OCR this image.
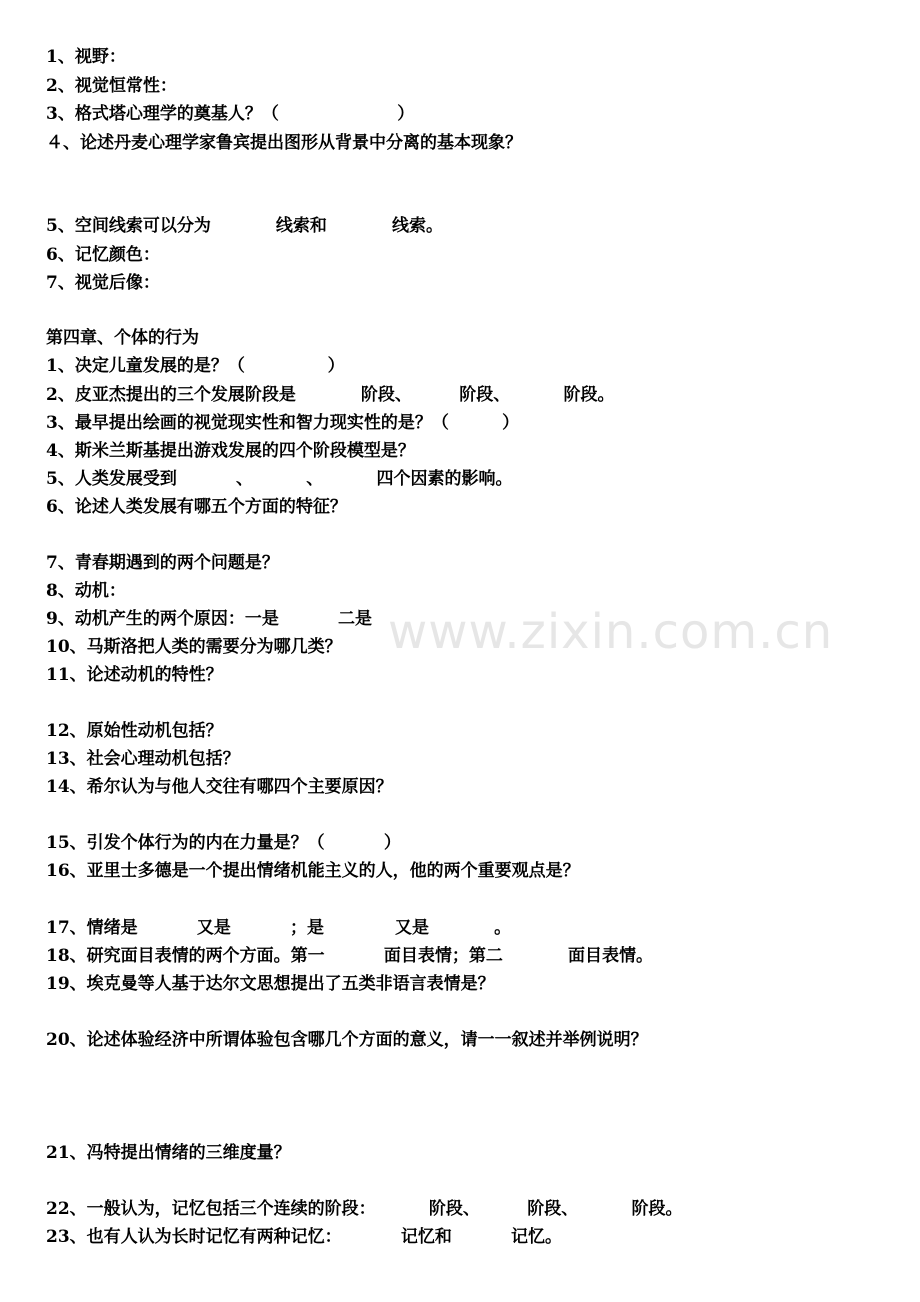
1、视野：
2、视觉恒常性：
3、格式塔心理学的奠基人？（                    ）
４、论述丹麦心理学家鲁宾提出图形从背景中分离的基本现象？
5、空间线索可以分为           线索和           线索。
6、记忆颜色：
7、视觉后像：
第四章、个体的行为
1、决定儿童发展的是？（              ）
2、皮亚杰提出的三个发展阶段是           阶段、        阶段、         阶段。
3、最早提出绘画的视觉现实性和智力现实性的是？（         ）
4、斯米兰斯基提出游戏发展的四个阶段模型是？
5、人类发展受到          、         、         四个因素的影响。
6、论述人类发展有哪五个方面的特征？
7、青春期遇到的两个问题是？
8、动机：
9、动机产生的两个原因：一是          二是
10、马斯洛把人类的需要分为哪几类？
11、论述动机的特性？
12、原始性动机包括？
13、社会心理动机包括？
14、希尔认为与他人交往有哪四个主要原因？
15、引发个体行为的内在力量是？（          ）
16、亚里士多德是一个提出情绪机能主义的人，他的两个重要观点是？
17、情绪是          又是          ；是            又是           。
18、研究面目表情的两个方面。第一          面目表情；第二           面目表情。
19、埃克曼等人基于达尔文思想提出了五类非语言表情是？
20、论述体验经济中所谓体验包含哪几个方面的意义，请一一叙述并举例说明？
21、冯特提出情绪的三维度量？
22、一般认为，记忆包括三个连续的阶段：         阶段、        阶段、         阶段。
23、也有人认为长时记忆有两种记忆：          记忆和          记忆。
www.zixin.com.cn
